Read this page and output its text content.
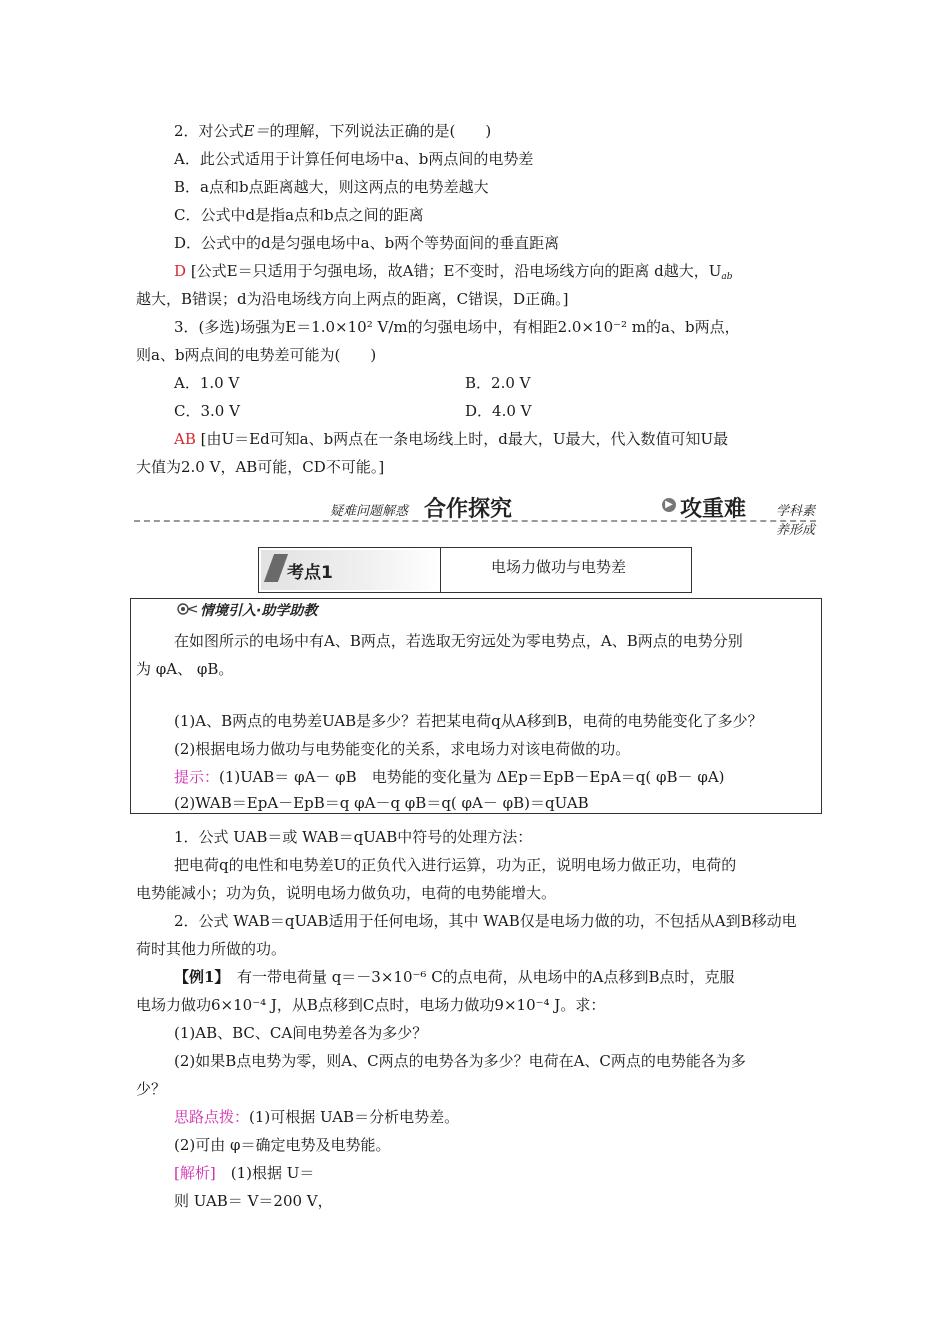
2．对公式E＝的理解，下列说法正确的是(　　)
A．此公式适用于计算任何电场中a、b两点间的电势差
B．a点和b点距离越大，则这两点的电势差越大
C．公式中d是指a点和b点之间的距离
D．公式中的d是匀强电场中a、b两个等势面间的垂直距离
D [公式E＝只适用于匀强电场，故A错；E不变时，沿电场线方向的距离 d越大，$U_{ab}$
越大，B错误；d为沿电场线方向上两点的距离，C错误，D正确。]
3．(多选)场强为E＝1.0×10² V/m的匀强电场中，有相距2.0×10⁻² m的a、b两点，
则a、b两点间的电势差可能为(　　)
A．1.0 V	B．2.0 V
C．3.0 V	D．4.0 V
AB [由U＝Ed可知a、b两点在一条电场线上时，d最大，U最大，代入数值可知U最
大值为2.0 V，AB可能，CD不可能。]
疑难问题解惑 合作探究	▶ 攻重难 学科素养形成
考点1	电场力做功与电势差
情境引入·助学助教
在如图所示的电场中有A、B两点，若选取无穷远处为零电势点，A、B两点的电势分别
为 φA、 φB。
(1)A、B两点的电势差UAB是多少？若把某电荷q从A移到B，电荷的电势能变化了多少？
(2)根据电场力做功与电势能变化的关系，求电场力对该电荷做的功。
提示：(1)UAB＝ φA－ φB　电势能的变化量为 ΔEp＝EpB－EpA＝q( φB－ φA)
(2)WAB＝EpA－EpB＝q φA－q φB＝q( φA－ φB)＝qUAB
1．公式 UAB＝或 WAB＝qUAB中符号的处理方法：
把电荷q的电性和电势差U的正负代入进行运算，功为正，说明电场力做正功，电荷的
电势能减小；功为负，说明电场力做负功，电荷的电势能增大。
2．公式 WAB＝qUAB适用于任何电场，其中 WAB仅是电场力做的功，不包括从A到B移动电
荷时其他力所做的功。
【例1】　有一带电荷量 q＝－3×10⁻⁶ C的点电荷，从电场中的A点移到B点时，克服
电场力做功6×10⁻⁴ J，从B点移到C点时，电场力做功9×10⁻⁴ J。求：
(1)AB、BC、CA间电势差各为多少？
(2)如果B点电势为零，则A、C两点的电势各为多少？电荷在A、C两点的电势能各为多
少？
思路点拨：(1)可根据 UAB＝分析电势差。
(2)可由 φ＝确定电势及电势能。
[解析]　(1)根据 U＝
则 UAB＝ V＝200 V，
